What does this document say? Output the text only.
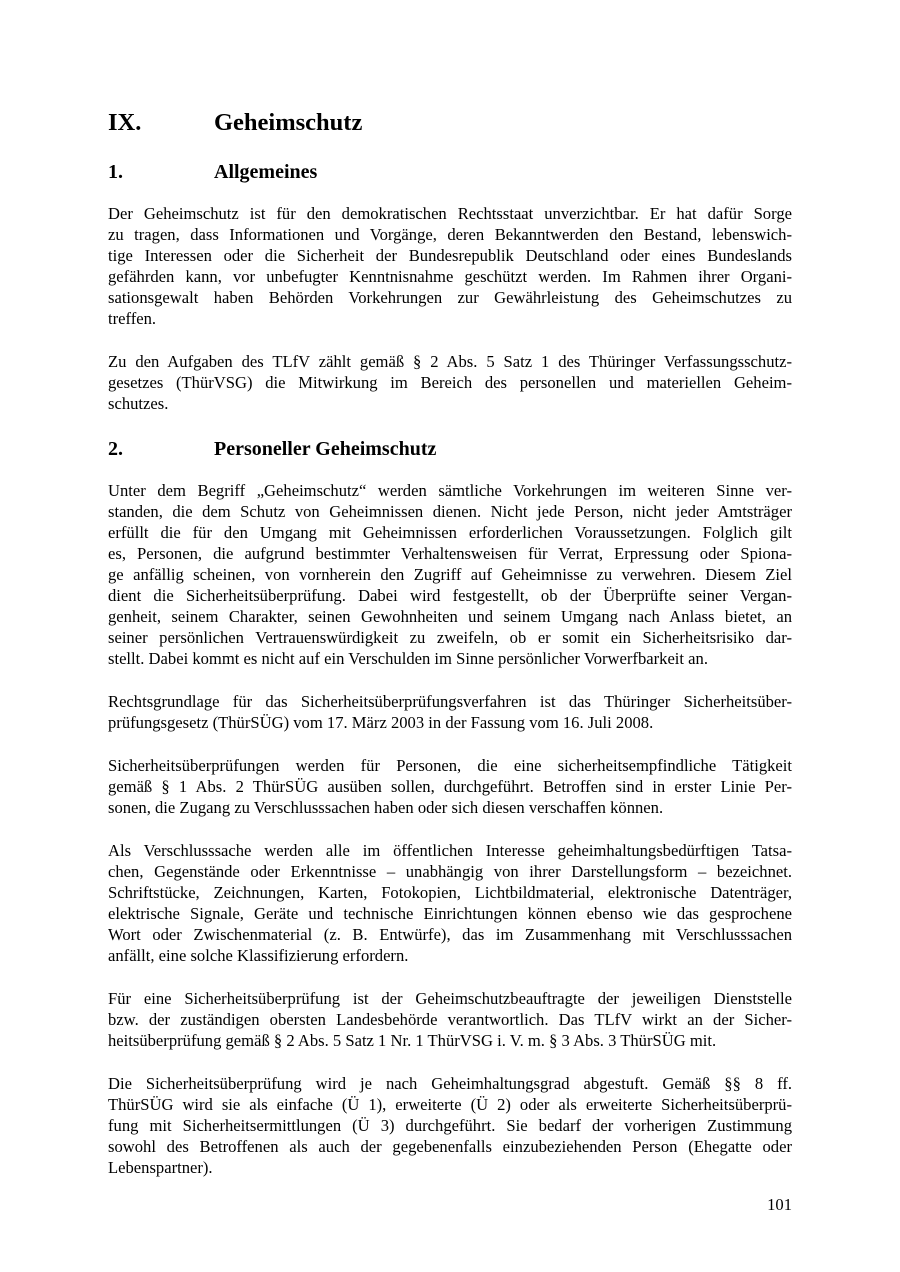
IX.	Geheimschutz
1.	Allgemeines

Der Geheimschutz ist für den demokratischen Rechtsstaat unverzichtbar. Er hat dafür Sorge
zu tragen, dass Informationen und Vorgänge, deren Bekanntwerden den Bestand, lebenswich-
tige Interessen oder die Sicherheit der Bundesrepublik Deutschland oder eines Bundeslands
gefährden kann, vor unbefugter Kenntnisnahme geschützt werden. Im Rahmen ihrer Organi-
sationsgewalt haben Behörden Vorkehrungen zur Gewährleistung des Geheimschutzes zu
treffen.

Zu den Aufgaben des TLfV zählt gemäß § 2 Abs. 5 Satz 1 des Thüringer Verfassungsschutz-
gesetzes (ThürVSG) die Mitwirkung im Bereich des personellen und materiellen Geheim-
schutzes.

2.	Personeller Geheimschutz

Unter dem Begriff „Geheimschutz“ werden sämtliche Vorkehrungen im weiteren Sinne ver-
standen, die dem Schutz von Geheimnissen dienen. Nicht jede Person, nicht jeder Amtsträger
erfüllt die für den Umgang mit Geheimnissen erforderlichen Voraussetzungen. Folglich gilt
es, Personen, die aufgrund bestimmter Verhaltensweisen für Verrat, Erpressung oder Spiona-
ge anfällig scheinen, von vornherein den Zugriff auf Geheimnisse zu verwehren. Diesem Ziel
dient die Sicherheitsüberprüfung. Dabei wird festgestellt, ob der Überprüfte seiner Vergan-
genheit, seinem Charakter, seinen Gewohnheiten und seinem Umgang nach Anlass bietet, an
seiner persönlichen Vertrauenswürdigkeit zu zweifeln, ob er somit ein Sicherheitsrisiko dar-
stellt. Dabei kommt es nicht auf ein Verschulden im Sinne persönlicher Vorwerfbarkeit an.

Rechtsgrundlage für das Sicherheitsüberprüfungsverfahren ist das Thüringer Sicherheitsüber-
prüfungsgesetz (ThürSÜG) vom 17. März 2003 in der Fassung vom 16. Juli 2008.

Sicherheitsüberprüfungen werden für Personen, die eine sicherheitsempfindliche Tätigkeit
gemäß § 1 Abs. 2 ThürSÜG ausüben sollen, durchgeführt. Betroffen sind in erster Linie Per-
sonen, die Zugang zu Verschlusssachen haben oder sich diesen verschaffen können.

Als Verschlusssache werden alle im öffentlichen Interesse geheimhaltungsbedürftigen Tatsa-
chen, Gegenstände oder Erkenntnisse – unabhängig von ihrer Darstellungsform – bezeichnet.
Schriftstücke, Zeichnungen, Karten, Fotokopien, Lichtbildmaterial, elektronische Datenträger,
elektrische Signale, Geräte und technische Einrichtungen können ebenso wie das gesprochene
Wort oder Zwischenmaterial (z. B. Entwürfe), das im Zusammenhang mit Verschlusssachen
anfällt, eine solche Klassifizierung erfordern.

Für eine Sicherheitsüberprüfung ist der Geheimschutzbeauftragte der jeweiligen Dienststelle
bzw. der zuständigen obersten Landesbehörde verantwortlich. Das TLfV wirkt an der Sicher-
heitsüberprüfung gemäß § 2 Abs. 5 Satz 1 Nr. 1 ThürVSG i. V. m. § 3 Abs. 3 ThürSÜG mit.

Die Sicherheitsüberprüfung wird je nach Geheimhaltungsgrad abgestuft. Gemäß §§ 8 ff.
ThürSÜG wird sie als einfache (Ü 1), erweiterte (Ü 2) oder als erweiterte Sicherheitsüberprü-
fung mit Sicherheitsermittlungen (Ü 3) durchgeführt. Sie bedarf der vorherigen Zustimmung
sowohl des Betroffenen als auch der gegebenenfalls einzubeziehenden Person (Ehegatte oder
Lebenspartner).

101
